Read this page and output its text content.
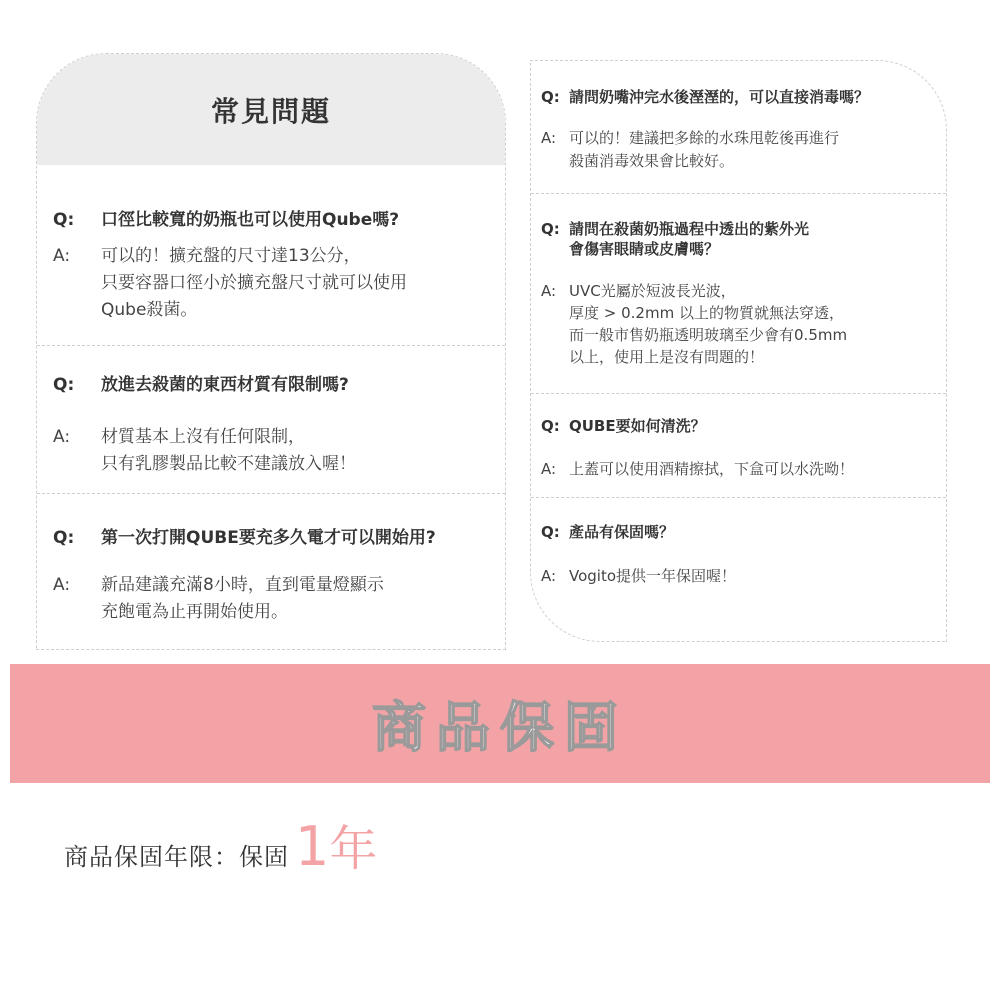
常見問題
Q:	口徑比較寬的奶瓶也可以使用Qube嗎?
A:	可以的！擴充盤的尺寸達13公分，
只要容器口徑小於擴充盤尺寸就可以使用
Qube殺菌。
Q:	放進去殺菌的東西材質有限制嗎?
A:	材質基本上沒有任何限制，
只有乳膠製品比較不建議放入喔！
Q:	第一次打開QUBE要充多久電才可以開始用?
A:	新品建議充滿8小時，直到電量燈顯示
充飽電為止再開始使用。
Q: 請問奶嘴沖完水後溼溼的，可以直接消毒嗎？
A: 可以的！建議把多餘的水珠甩乾後再進行
殺菌消毒效果會比較好。
Q: 請問在殺菌奶瓶過程中透出的紫外光
會傷害眼睛或皮膚嗎？
A: UVC光屬於短波長光波，
厚度 > 0.2mm 以上的物質就無法穿透，
而一般市售奶瓶透明玻璃至少會有0.5mm
以上，使用上是沒有問題的！
Q: QUBE要如何清洗？
A: 上蓋可以使用酒精擦拭，下盒可以水洗呦！
Q: 產品有保固嗎？
A: Vogito提供一年保固喔！
商品保固
商品保固年限：保固 1 年
